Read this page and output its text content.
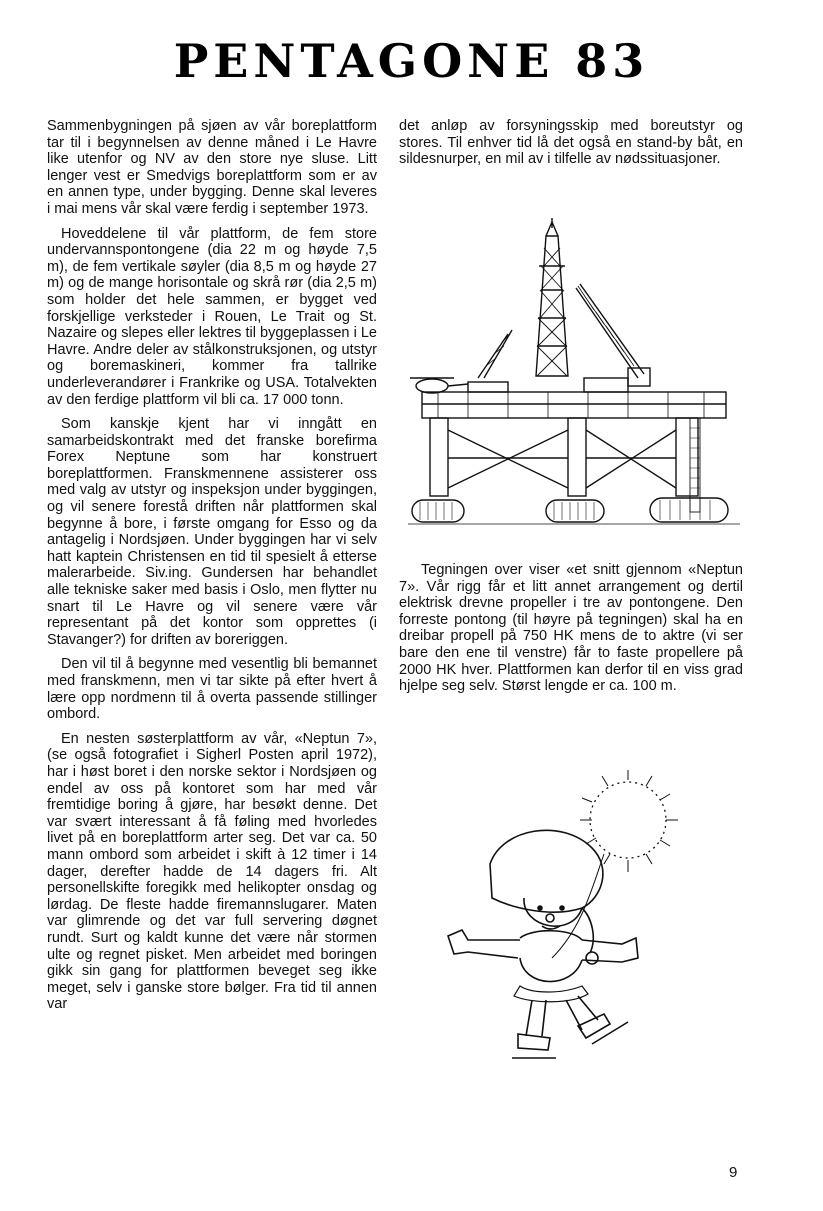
PENTAGONE 83

Sammenbygningen på sjøen av vår boreplattform tar til i begynnelsen av denne måned i Le Havre like utenfor og NV av den store nye sluse. Litt lenger vest er Smedvigs boreplattform som er av en annen type, under bygging. Denne skal leveres i mai mens vår skal være ferdig i september 1973.

Hoveddelene til vår plattform, de fem store undervannspontongene (dia 22 m og høyde 7,5 m), de fem vertikale søyler (dia 8,5 m og høyde 27 m) og de mange horisontale og skrå rør (dia 2,5 m) som holder det hele sammen, er bygget ved forskjellige verksteder i Rouen, Le Trait og St. Nazaire og slepes eller lektres til byggeplassen i Le Havre. Andre deler av stålkonstruksjonen, og utstyr og boremaskineri, kommer fra tallrike underleverandører i Frankrike og USA. Totalvekten av den ferdige plattform vil bli ca. 17 000 tonn.

Som kanskje kjent har vi inngått en samarbeidskontrakt med det franske borefirma Forex Neptune som har konstruert boreplattformen. Franskmennene assisterer oss med valg av utstyr og inspeksjon under byggingen, og vil senere forestå driften når plattformen skal begynne å bore, i første omgang for Esso og da antagelig i Nordsjøen. Under byggingen har vi selv hatt kaptein Christensen en tid til spesielt å etterse malerarbeide. Siv.ing. Gundersen har behandlet alle tekniske saker med basis i Oslo, men flytter nu snart til Le Havre og vil senere være vår representant på det kontor som opprettes (i Stavanger?) for driften av boreriggen.

Den vil til å begynne med vesentlig bli bemannet med franskmenn, men vi tar sikte på efter hvert å lære opp nordmenn til å overta passende stillinger ombord.

En nesten søsterplattform av vår, «Neptun 7», (se også fotografiet i Sigherl Posten april 1972), har i høst boret i den norske sektor i Nordsjøen og endel av oss på kontoret som har med vår fremtidige boring å gjøre, har besøkt denne. Det var svært interessant å få føling med hvorledes livet på en boreplattform arter seg. Det var ca. 50 mann ombord som arbeidet i skift à 12 timer i 14 dager, derefter hadde de 14 dagers fri. Alt personellskifte foregikk med helikopter onsdag og lørdag. De fleste hadde firemannslugarer. Maten var glimrende og det var full servering døgnet rundt. Surt og kaldt kunne det være når stormen ulte og regnet pisket. Men arbeidet med boringen gikk sin gang for plattformen beveget seg ikke meget, selv i ganske store bølger. Fra tid til annen var

det anløp av forsyningsskip med boreutstyr og stores. Til enhver tid lå det også en stand-by båt, en sildesnurper, en mil av i tilfelle av nødssituasjoner.

Tegningen over viser «et snitt gjennom «Neptun 7». Vår rigg får et litt annet arrangement og dertil elektrisk drevne propeller i tre av pontongene. Den forreste pontong (til høyre på tegningen) skal ha en dreibar propell på 750 HK mens de to aktre (vi ser bare den ene til venstre) får to faste propellere på 2000 HK hver. Plattformen kan derfor til en viss grad hjelpe seg selv. Størst lengde er ca. 100 m.

9
